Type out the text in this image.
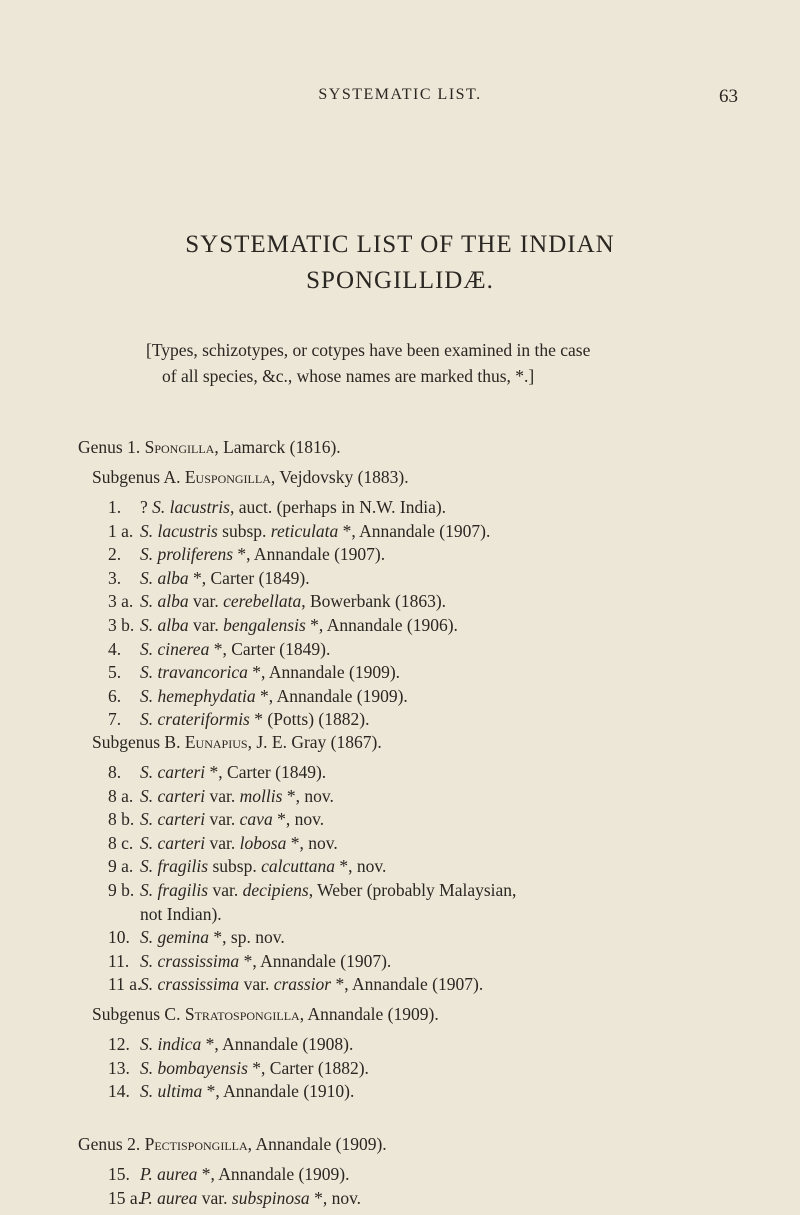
SYSTEMATIC LIST.	63
SYSTEMATIC LIST OF THE INDIAN
SPONGILLIDÆ.
[Types, schizotypes, or cotypes have been examined in the case
of all species, &c., whose names are marked thus, *.]
Genus 1. Spongilla, Lamarck (1816).
Subgenus A. Euspongilla, Vejdovsky (1883).
1. ? S. lacustris, auct. (perhaps in N.W. India).
1 a. S. lacustris subsp. reticulata *, Annandale (1907).
2. S. proliferens *, Annandale (1907).
3. S. alba *, Carter (1849).
3 a. S. alba var. cerebellata, Bowerbank (1863).
3 b. S. alba var. bengalensis *, Annandale (1906).
4. S. cinerea *, Carter (1849).
5. S. travancorica *, Annandale (1909).
6. S. hemephydatia *, Annandale (1909).
7. S. crateriformis * (Potts) (1882).
Subgenus B. Eunapius, J. E. Gray (1867).
8. S. carteri *, Carter (1849).
8 a. S. carteri var. mollis *, nov.
8 b. S. carteri var. cava *, nov.
8 c. S. carteri var. lobosa *, nov.
9 a. S. fragilis subsp. calcuttana *, nov.
9 b. S. fragilis var. decipiens, Weber (probably Malaysian,
not Indian).
10. S. gemina *, sp. nov.
11. S. crassissima *, Annandale (1907).
11 a.S. crassissima var. crassior *, Annandale (1907).
Subgenus C. Stratospongilla, Annandale (1909).
12. S. indica *, Annandale (1908).
13. S. bombayensis *, Carter (1882).
14. S. ultima *, Annandale (1910).
Genus 2. Pectispongilla, Annandale (1909).
15. P. aurea *, Annandale (1909).
15 a.P. aurea var. subspinosa *, nov.
